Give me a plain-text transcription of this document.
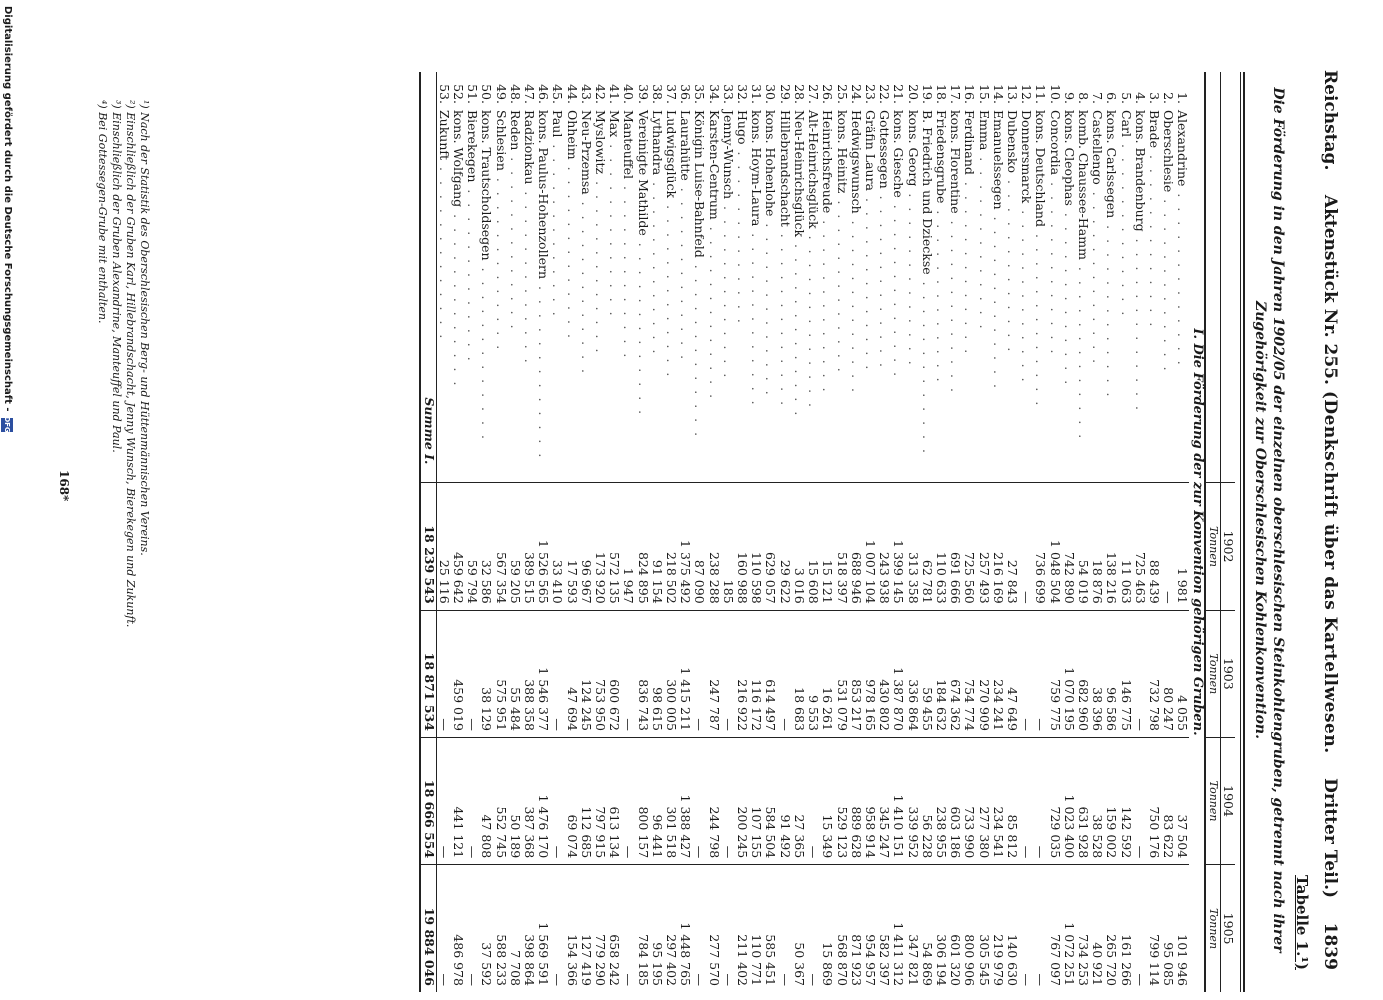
Reichstag.
Aktenstück Nr. 255. (Denkschrift über das Kartellwesen.
Dritter Teil.)
1839
Tabelle 1.¹)
Die Förderung in den Jahren 1902/05 der einzelnen oberschlesischen Steinkohlengruben, getrennt nach ihrer Zugehörigkeit zur Oberschlesischen Kohlenkonvention.
	1902	1903	1904	1905
	Tonnen	Tonnen	Tonnen	Tonnen
I. Die Förderung der zur Konvention gehörigen Gruben.				
1.Alexandrine . . . . . . . . . . . . .	1 981	4 055	37 504	101 946
2.Oberschlesie . . . . . . . . . . . . .	—	80 247	83 622	95 085
3.Brade . . . . . . . . . . . . .	88 439	732 798	750 176	799 114
4.kons. Brandenburg . . . . . . . . . . . . .	725 463	—	—	—
5.Carl . . . . . . . . . . . . .	11 063	146 775	142 592	161 266
6.kons. Carlssegen . . . . . . . . . . . . .	138 216	96 586	159 002	265 720
7.Castellengo . . . . . . . . . . . . .	18 876	38 396	38 528	40 921
8.komb. Chaussee-Hamm . . . . . . . . . . . . .	54 019	682 960	631 928	734 253
9.kons. Cleophas . . . . . . . . . . . . .	742 890	1 070 195	1 023 400	1 072 251
10.Concordia . . . . . . . . . . . . .	1 048 504	759 775	729 035	767 097
11.kons. Deutschland . . . . . . . . . . . . .	736 699	—	—	—
12.Donnersmarck . . . . . . . . . . . . .	—	—	—	—
13.Dubensko . . . . . . . . . . . . .	27 843	47 649	85 812	140 630
14.Emanuelssegen . . . . . . . . . . . . .	216 169	234 241	234 541	219 979
15.Emma . . . . . . . . . . . . .	257 493	270 909	277 380	305 545
16.Ferdinand . . . . . . . . . . . . .	725 560	754 774	733 990	800 906
17.kons. Florentine . . . . . . . . . . . . .	691 666	674 362	603 186	601 320
18.Friedensgrube . . . . . . . . . . . . .	110 633	184 632	238 955	306 194
19.B. Friedrich und Dzieckse . . . . . . . . . . . . .	62 781	59 455	56 228	54 869
20.kons. Georg . . . . . . . . . . . . .	313 358	336 864	339 952	347 821
21.kons. Giesche . . . . . . . . . . . . .	1 399 145	1 387 870	1 410 151	1 411 312
22.Gottessegen . . . . . . . . . . . . .	243 938	430 802	345 247	582 397
23.Gräfin Laura . . . . . . . . . . . . .	1 007 104	978 165	958 914	954 957
24.Hedwigswunsch . . . . . . . . . . . . .	688 946	853 217	889 628	871 923
25.kons. Heinitz . . . . . . . . . . . . .	518 397	531 079	529 123	568 870
26.Heinrichsfreude . . . . . . . . . . . . .	15 121	16 261	15 349	15 869
27.Alt-Heinrichsglück . . . . . . . . . . . . .	15 608	9 553	—	—
28.Neu-Heinrichsglück . . . . . . . . . . . . .	3 016	18 683	27 365	50 367
29.Hillebrandschacht . . . . . . . . . . . . .	29 622	—	91 492	—
30.kons. Hohenlohe . . . . . . . . . . . . .	629 057	614 497	584 504	585 451
31.kons. Hoym-Laura . . . . . . . . . . . . .	110 598	116 172	107 155	110 771
32.Hugo . . . . . . . . . . . . .	160 988	216 922	200 245	211 402
33.Jenny-Wunsch . . . . . . . . . . . . .	185	—	—	—
34.Karsten-Centrum . . . . . . . . . . . . .	238 288	247 787	244 798	277 570
35.Königin Luise-Bahnfeld . . . . . . . . . . . . .	87 090	—	—	—
36.Laurahütte . . . . . . . . . . . . .	1 375 492	1 415 211	1 388 427	1 448 765
37.Ludwigsglück . . . . . . . . . . . . .	218 502	300 005	301 518	297 402
38.Lythandra . . . . . . . . . . . . .	91 154	98 615	96 441	95 195
39.Vereinigte Mathilde . . . . . . . . . . . . .	824 895	836 743	800 157	784 185
40.Manteuffel . . . . . . . . . . . . .	1 947	—	—	—
41.Max . . . . . . . . . . . . .	572 135	600 672	613 134	658 242
42.Myslowitz . . . . . . . . . . . . .	173 920	753 950	797 915	779 290
43.Neu-Przemsa . . . . . . . . . . . . .	96 967	124 245	112 685	127 419
44.Ohheim . . . . . . . . . . . . .	17 593	47 694	69 074	154 366
45.Paul . . . . . . . . . . . . .	33 410	—	—	—
46.kons. Paulus-Hohenzollern . . . . . . . . . . . . .	1 526 565	1 546 377	1 476 170	1 569 591
47.Radzionkau . . . . . . . . . . . . .	389 515	388 358	387 368	398 864
48.Reden . . . . . . . . . . . . .	59 205	55 484	50 189	7 708
49.Schlesien . . . . . . . . . . . . .	567 354	575 951	552 745	588 233
50.kons. Trautscholdsegen . . . . . . . . . . . . .	32 586	38 129	47 808	37 592
51.Bierekegen . . . . . . . . . . . . .	59 794	—	—	—
52.kons. Wolfgang . . . . . . . . . . . . .	459 642	459 019	441 121	486 978
53.Zukunft . . . . . . . . . . . . .	25 116	—	—	—
Summe I.	18 239 543	18 871 534	18 666 554	19 884 046
¹) Nach der Statistik des Oberschlesischen Berg- und Hüttenmännischen Vereins.
²) Einschließlich der Gruben Karl, Hillebrandschacht, Jenny Wunsch, Bierekegen und Zukunft.
³) Einschließlich der Gruben Alexandrine, Manteuffel und Paul.
⁴) Bei Gottessegen-Grube mit enthalten.
168*
Digitalisierung gefördert durch die Deutsche Forschungsgemeinschaft -
DFG
